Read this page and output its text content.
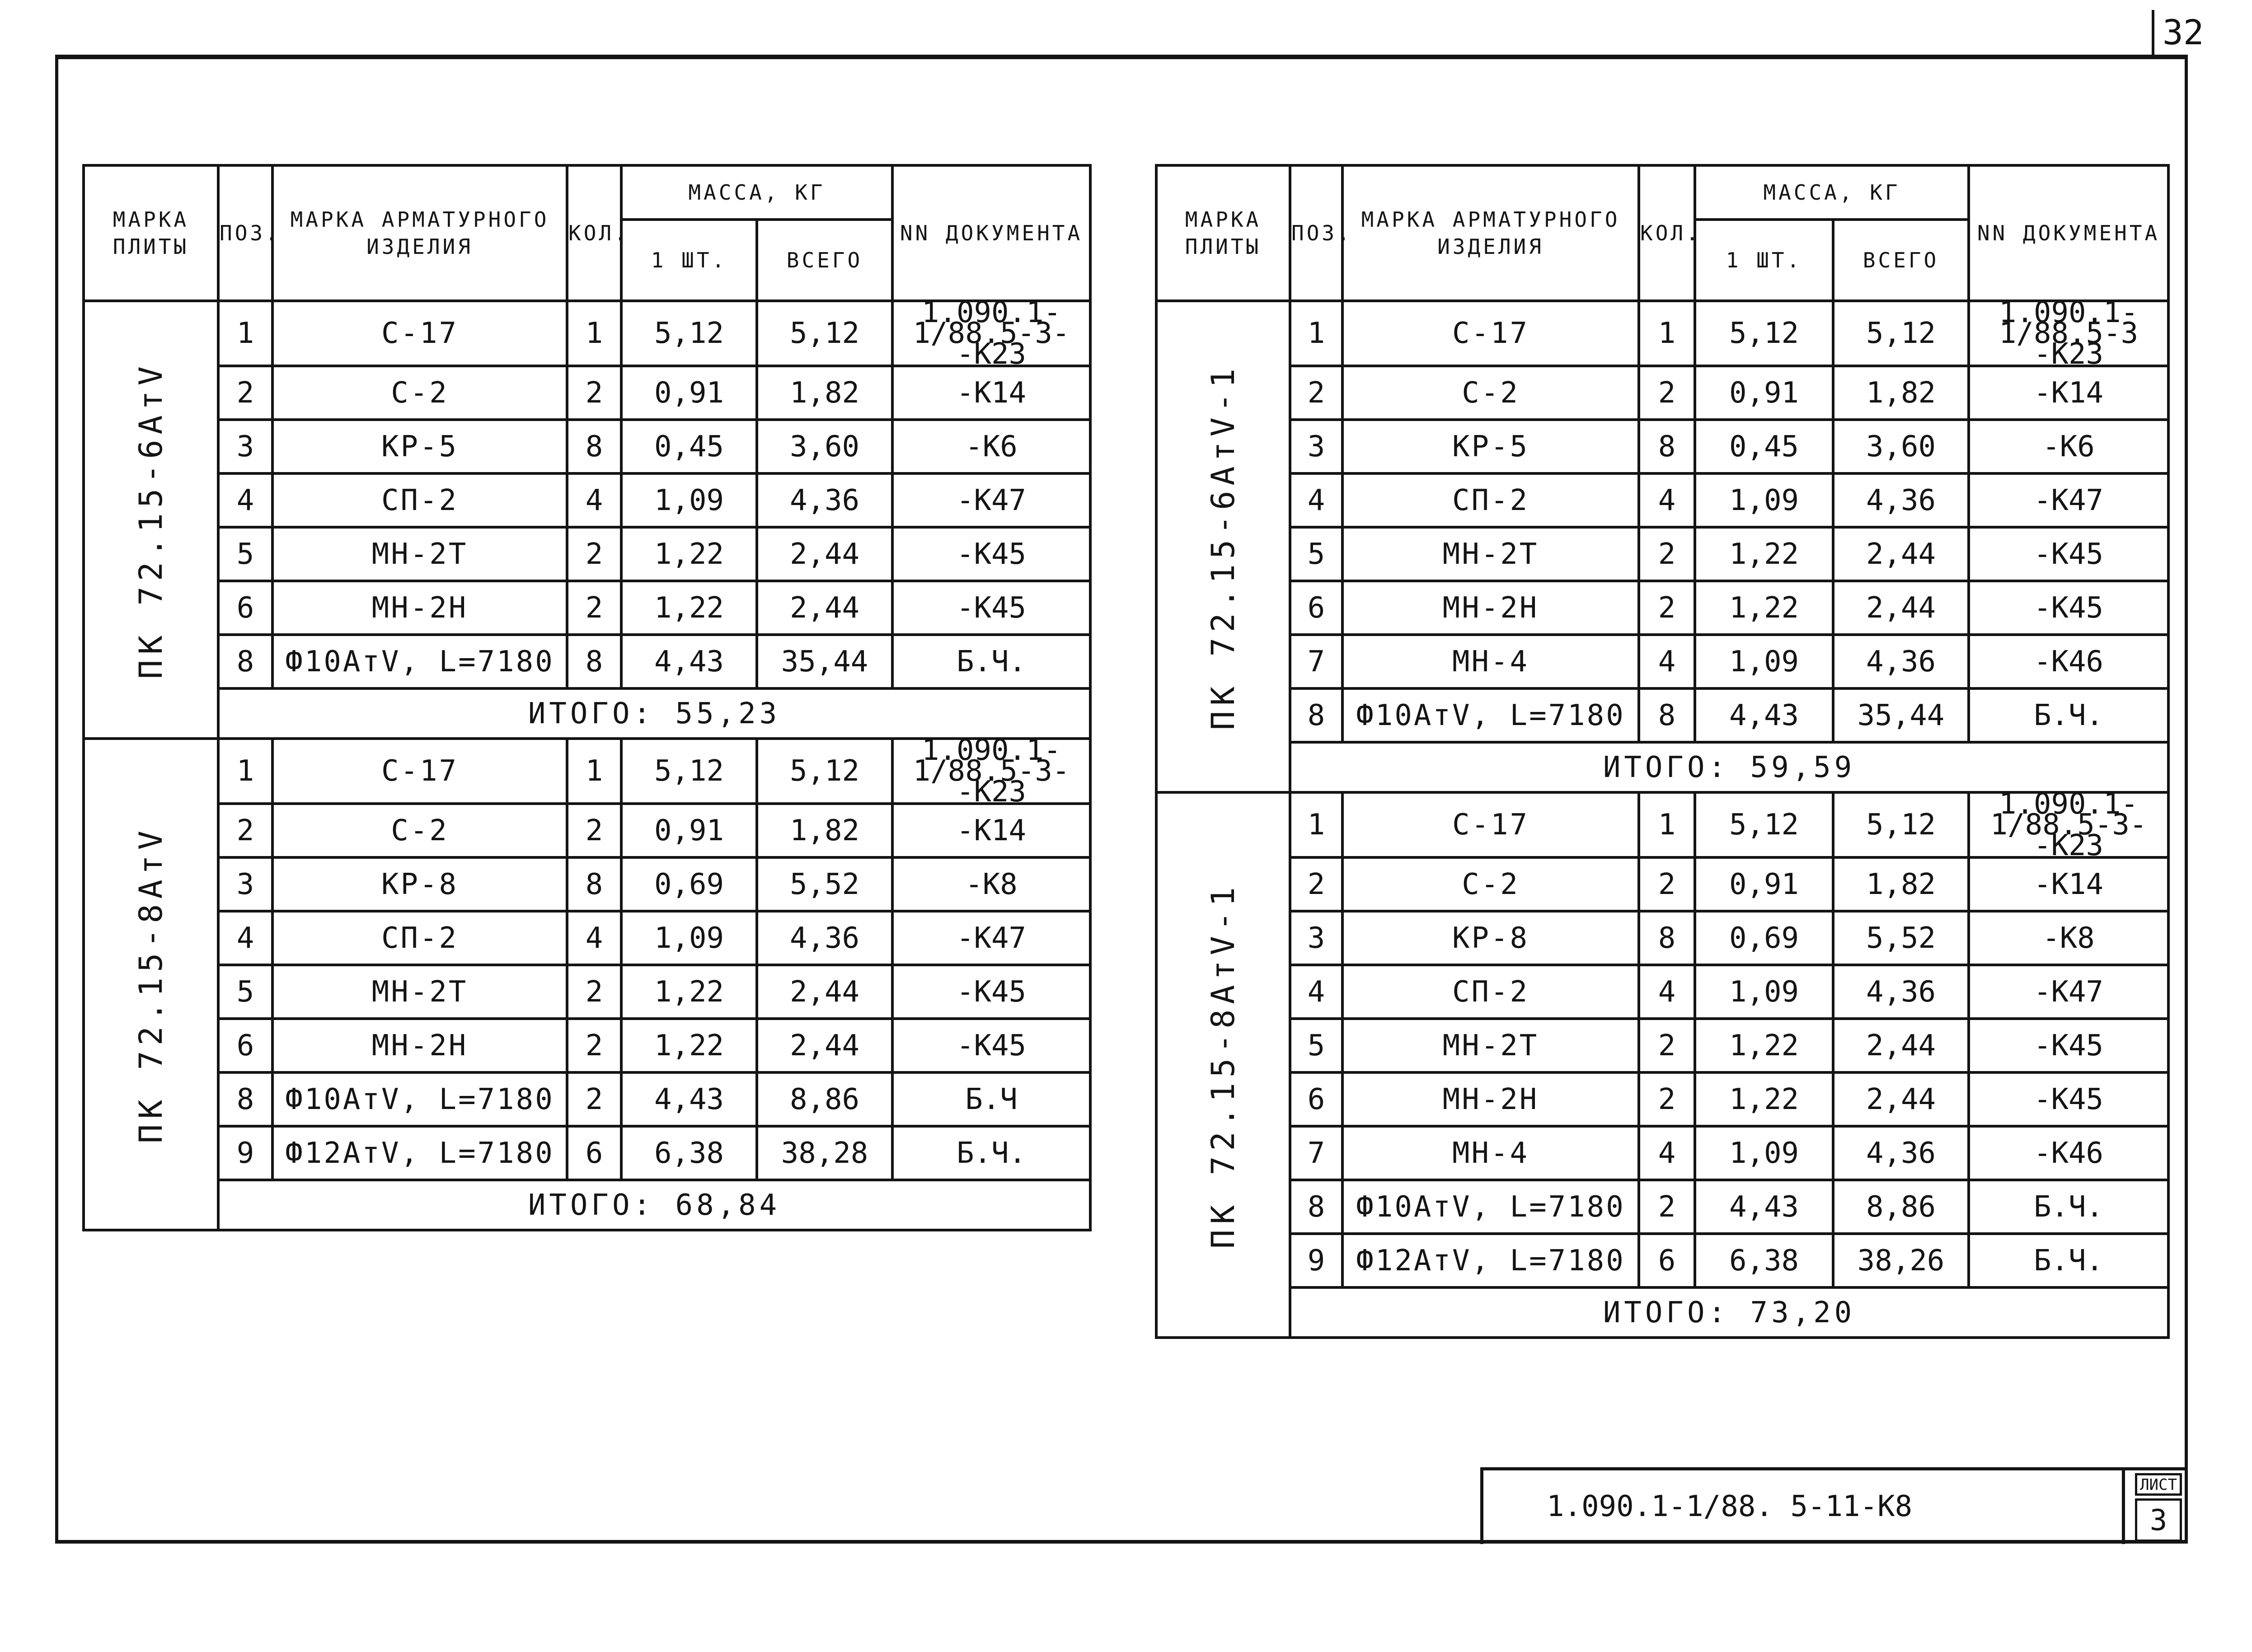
32
МАРКА ПЛИТЫ	ПОЗ.	МАРКА АРМАТУРНОГО ИЗДЕЛИЯ	КОЛ.	МАССА, КГ		NN ДОКУМЕНТА
				1 ШТ.	ВСЕГО	

ПК 72.15-6АтV	1	С-17	1	5,12	5,12	1.090.1-1/88.5-3- -К23
	2	С-2	2	0,91	1,82	-К14
	3	КР-5	8	0,45	3,60	-К6
	4	СП-2	4	1,09	4,36	-К47
	5	МН-2Т	2	1,22	2,44	-К45
	6	МН-2Н	2	1,22	2,44	-К45
	8	Ф10АтV, L=7180	8	4,43	35,44	Б.Ч.
	ИТОГО: 55,23					

ПК 72.15-8АтV	1	С-17	1	5,12	5,12	1.090.1-1/88.5-3- -К23
	2	С-2	2	0,91	1,82	-К14
	3	КР-8	8	0,69	5,52	-К8
	4	СП-2	4	1,09	4,36	-К47
	5	МН-2Т	2	1,22	2,44	-К45
	6	МН-2Н	2	1,22	2,44	-К45
	8	Ф10АтV, L=7180	2	4,43	8,86	Б.Ч
	9	Ф12АтV, L=7180	6	6,38	38,28	Б.Ч.
	ИТОГО: 68,84					
МАРКА ПЛИТЫ	ПОЗ.	МАРКА АРМАТУРНОГО ИЗДЕЛИЯ	КОЛ.	МАССА, КГ		NN ДОКУМЕНТА
				1 ШТ.	ВСЕГО	

ПК 72.15-6АтV-1	1	С-17	1	5,12	5,12	1.090.1-1/88.5-3 -К23
	2	С-2	2	0,91	1,82	-К14
	3	КР-5	8	0,45	3,60	-К6
	4	СП-2	4	1,09	4,36	-К47
	5	МН-2Т	2	1,22	2,44	-К45
	6	МН-2Н	2	1,22	2,44	-К45
	7	МН-4	4	1,09	4,36	-К46
	8	Ф10АтV, L=7180	8	4,43	35,44	Б.Ч.
	ИТОГО: 59,59					

ПК 72.15-8АтV-1	1	С-17	1	5,12	5,12	1.090.1-1/88.5-3- -К23
	2	С-2	2	0,91	1,82	-К14
	3	КР-8	8	0,69	5,52	-К8
	4	СП-2	4	1,09	4,36	-К47
	5	МН-2Т	2	1,22	2,44	-К45
	6	МН-2Н	2	1,22	2,44	-К45
	7	МН-4	4	1,09	4,36	-К46
	8	Ф10АтV, L=7180	2	4,43	8,86	Б.Ч.
	9	Ф12АтV, L=7180	6	6,38	38,26	Б.Ч.
	ИТОГО: 73,20					
1.090.1-1/88. 5-11-К8
ЛИСТ
3
